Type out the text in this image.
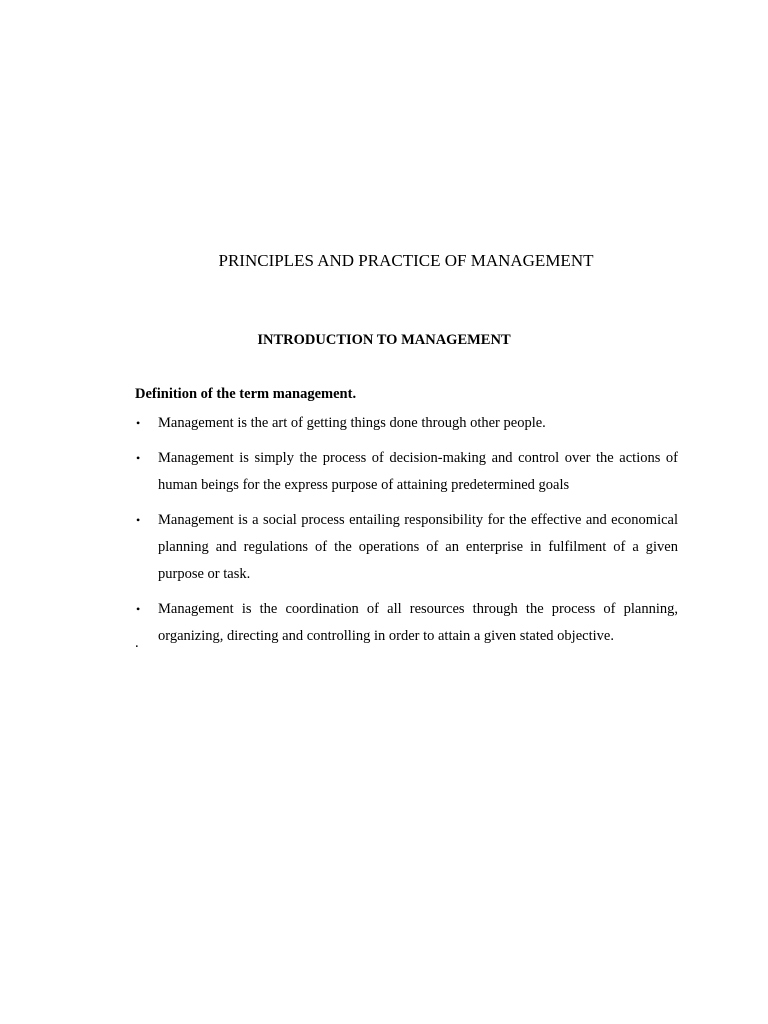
PRINCIPLES AND PRACTICE OF MANAGEMENT
INTRODUCTION TO MANAGEMENT
Definition of the term management.
• Management is the art of getting things done through other people.
• Management is simply the process of decision-making and control over the actions of human beings for the express purpose of attaining predetermined goals
• Management is a social process entailing responsibility for the effective and economical planning and regulations of the operations of an enterprise in fulfilment of a given purpose or task.
• Management is the coordination of all resources through the process of planning, organizing, directing and controlling in order to attain a given stated objective.
.
